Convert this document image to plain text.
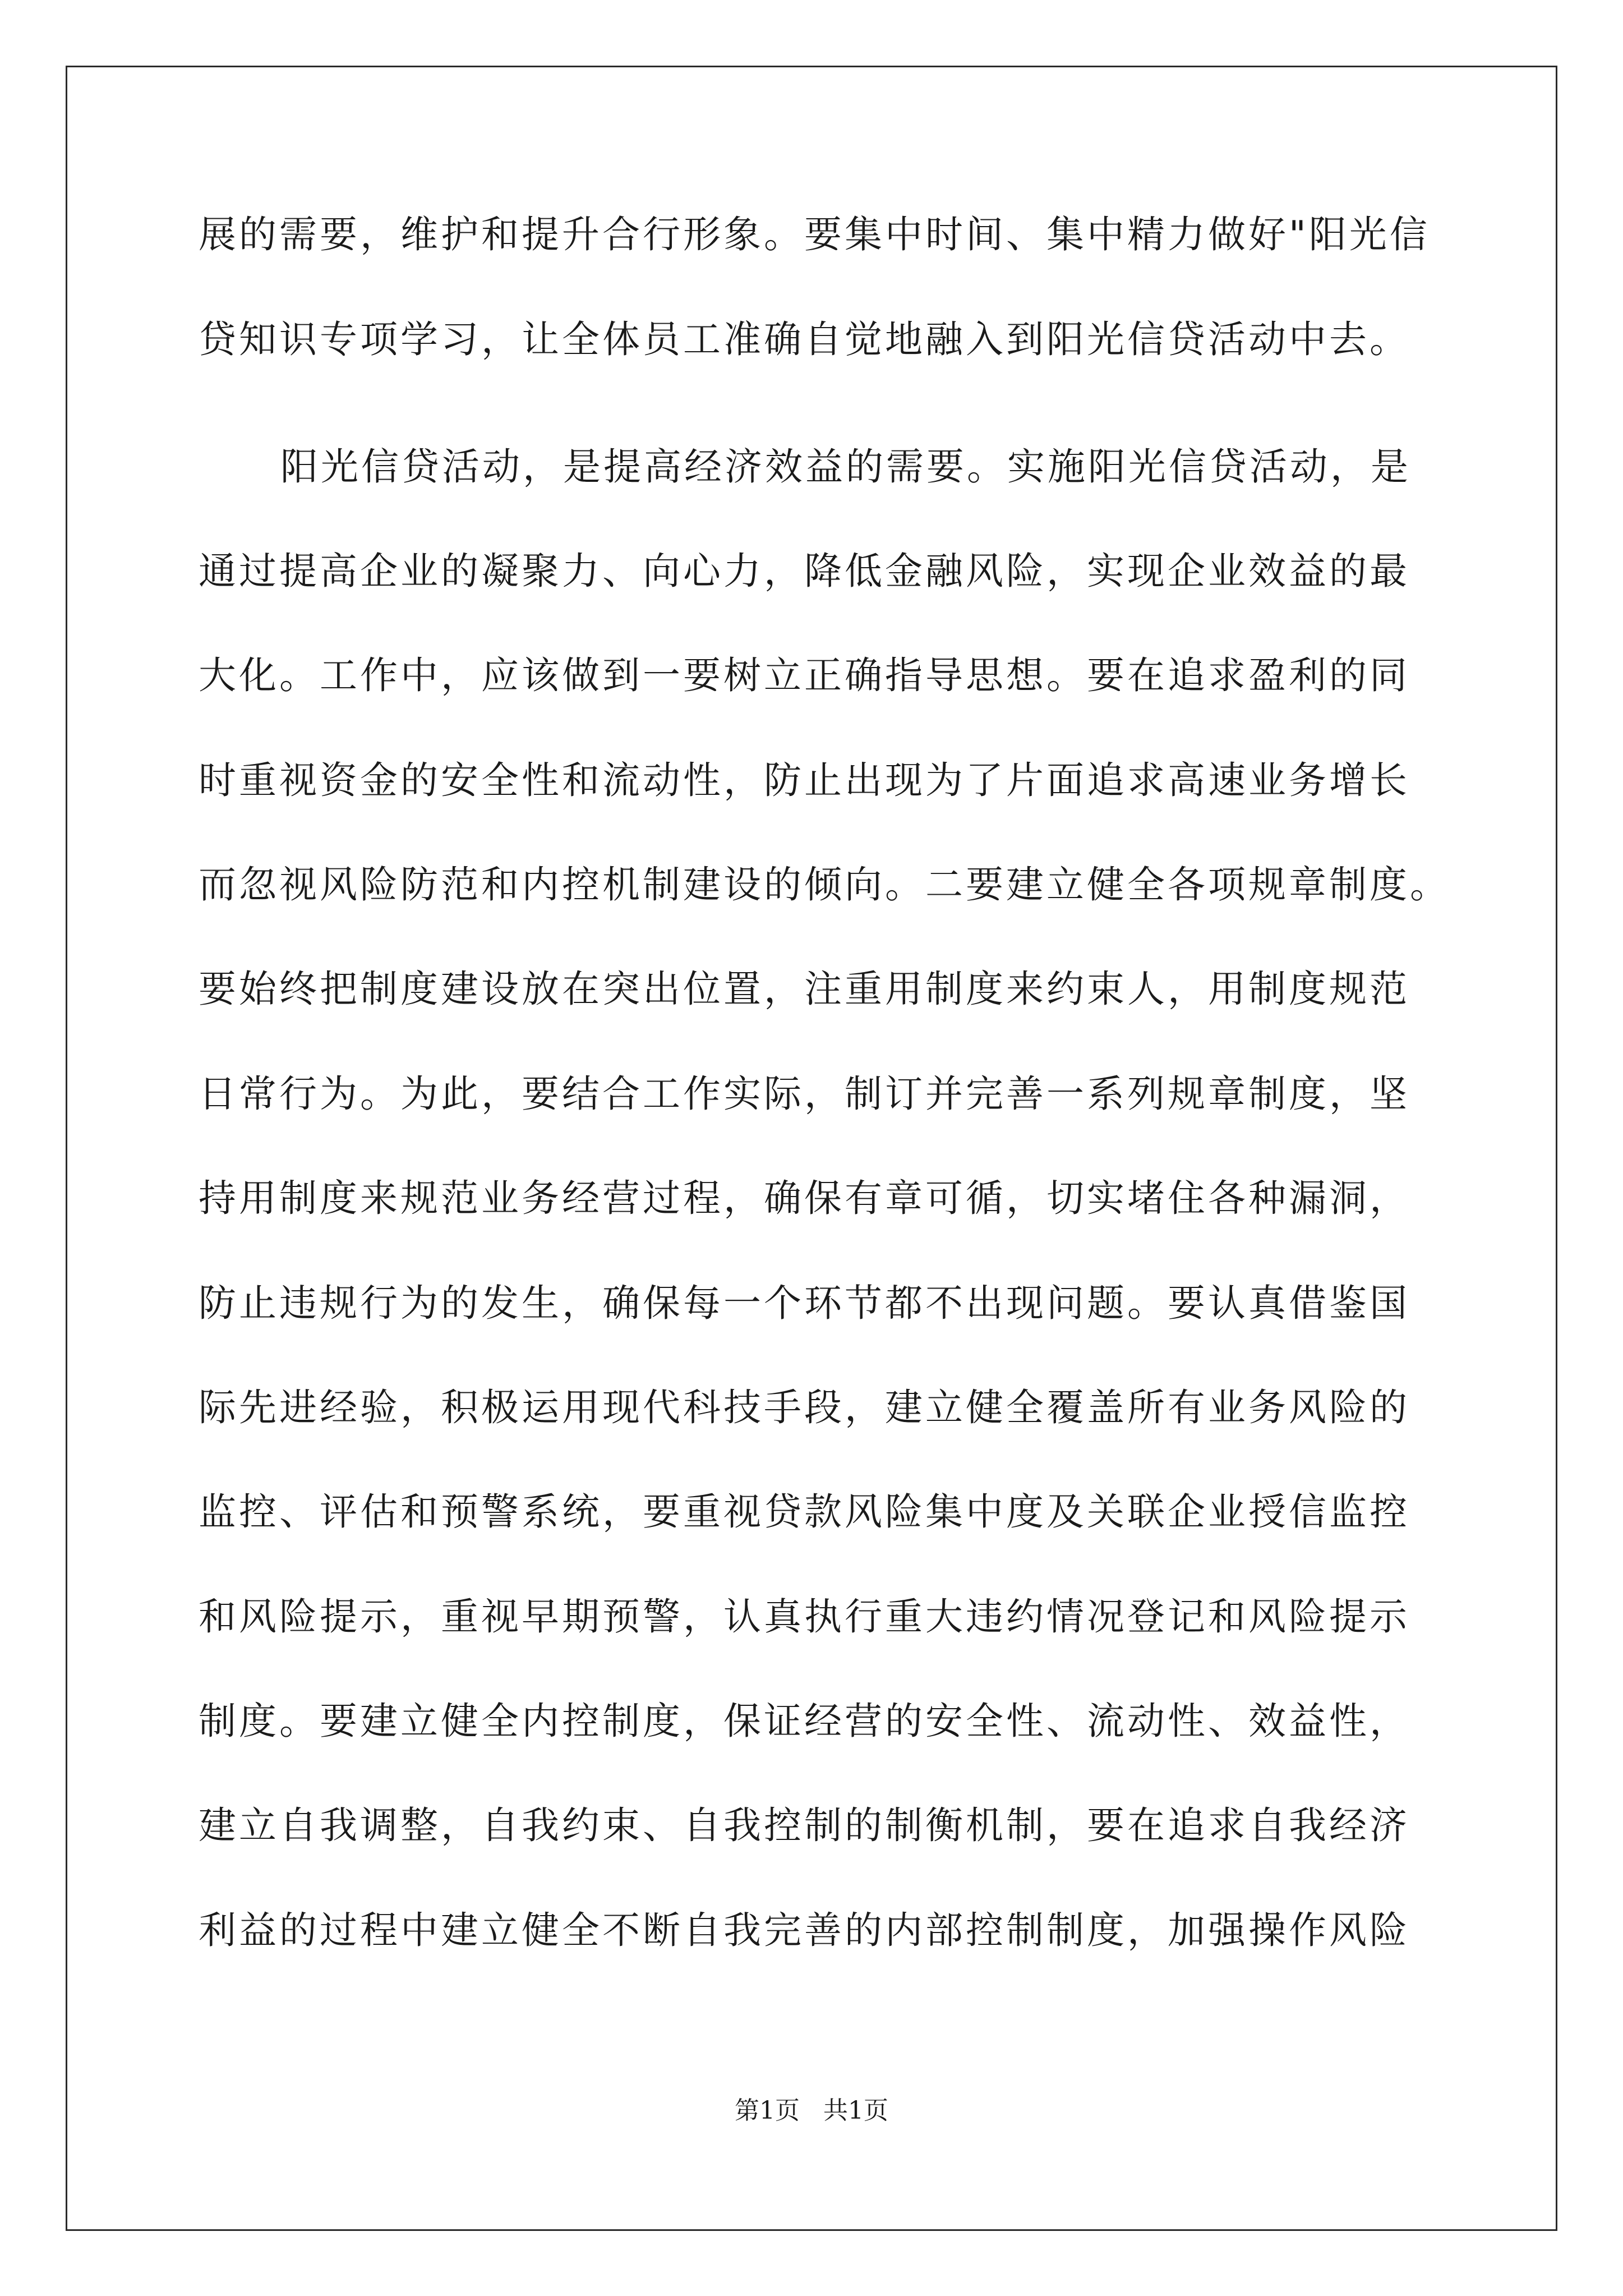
展的需要，维护和提升合行形象。要集中时间、集中精力做好"阳光信

贷知识专项学习，让全体员工准确自觉地融入到阳光信贷活动中去。

阳光信贷活动，是提高经济效益的需要。实施阳光信贷活动，是

通过提高企业的凝聚力、向心力，降低金融风险，实现企业效益的最

大化。工作中，应该做到一要树立正确指导思想。要在追求盈利的同

时重视资金的安全性和流动性，防止出现为了片面追求高速业务增长

而忽视风险防范和内控机制建设的倾向。二要建立健全各项规章制度。

要始终把制度建设放在突出位置，注重用制度来约束人，用制度规范

日常行为。为此，要结合工作实际，制订并完善一系列规章制度，坚

持用制度来规范业务经营过程，确保有章可循，切实堵住各种漏洞，

防止违规行为的发生，确保每一个环节都不出现问题。要认真借鉴国

际先进经验，积极运用现代科技手段，建立健全覆盖所有业务风险的

监控、评估和预警系统，要重视贷款风险集中度及关联企业授信监控

和风险提示，重视早期预警，认真执行重大违约情况登记和风险提示

制度。要建立健全内控制度，保证经营的安全性、流动性、效益性，

建立自我调整，自我约束、自我控制的制衡机制，要在追求自我经济

利益的过程中建立健全不断自我完善的内部控制制度，加强操作风险

第1页   共1页
